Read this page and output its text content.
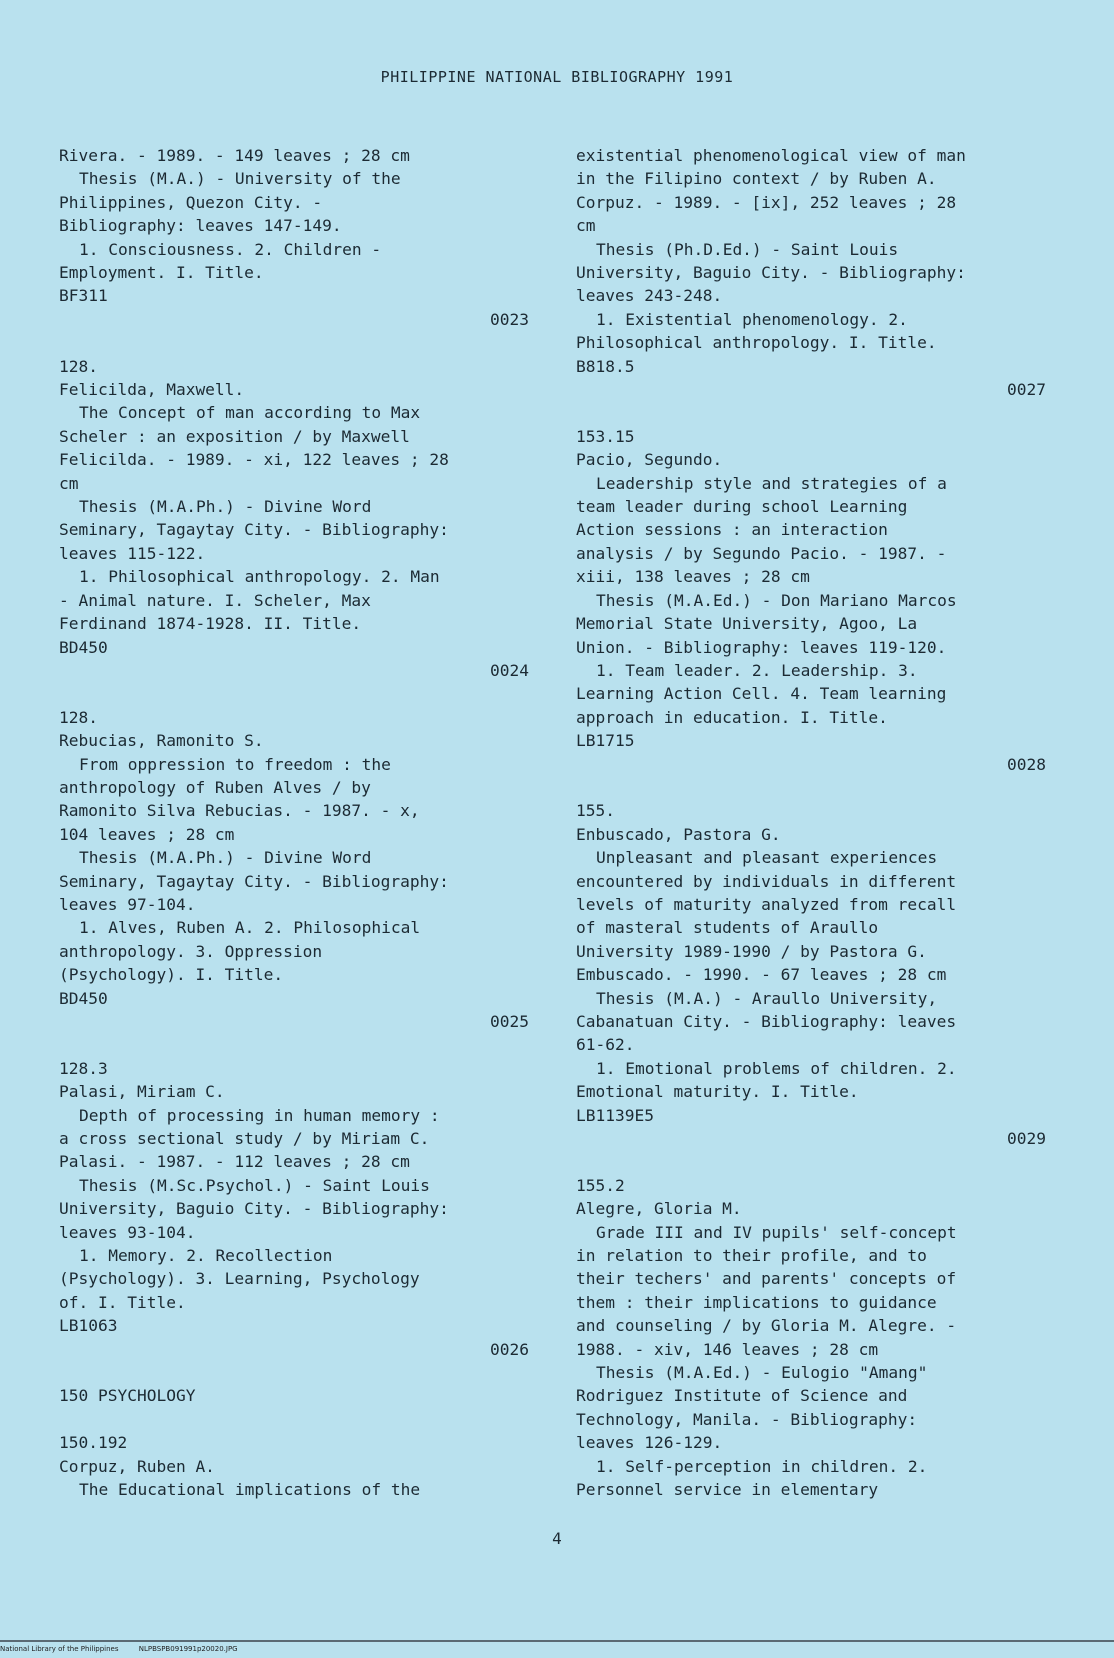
PHILIPPINE NATIONAL BIBLIOGRAPHY 1991

Rivera. - 1989. - 149 leaves ; 28 cm

Thesis (M.A.) - University of the

Philippines, Quezon City. -

Bibliography: leaves 147-149.

1. Consciousness. 2. Children -

Employment. I. Title.

BF311

0023

128.

Felicilda, Maxwell.

The Concept of man according to Max

Scheler : an exposition / by Maxwell

Felicilda. - 1989. - xi, 122 leaves ; 28

cm

Thesis (M.A.Ph.) - Divine Word

Seminary, Tagaytay City. - Bibliography:

leaves 115-122.

1. Philosophical anthropology. 2. Man

- Animal nature. I. Scheler, Max

Ferdinand 1874-1928. II. Title.

BD450

0024

128.

Rebucias, Ramonito S.

From oppression to freedom : the

anthropology of Ruben Alves / by

Ramonito Silva Rebucias. - 1987. - x,

104 leaves ; 28 cm

Thesis (M.A.Ph.) - Divine Word

Seminary, Tagaytay City. - Bibliography:

leaves 97-104.

1. Alves, Ruben A. 2. Philosophical

anthropology. 3. Oppression

(Psychology). I. Title.

BD450

0025

128.3

Palasi, Miriam C.

Depth of processing in human memory :

a cross sectional study / by Miriam C.

Palasi. - 1987. - 112 leaves ; 28 cm

Thesis (M.Sc.Psychol.) - Saint Louis

University, Baguio City. - Bibliography:

leaves 93-104.

1. Memory. 2. Recollection

(Psychology). 3. Learning, Psychology

of. I. Title.

LB1063

0026

150 PSYCHOLOGY

150.192

Corpuz, Ruben A.

The Educational implications of the

existential phenomenological view of man

in the Filipino context / by Ruben A.

Corpuz. - 1989. - [ix], 252 leaves ; 28

cm

Thesis (Ph.D.Ed.) - Saint Louis

University, Baguio City. - Bibliography:

leaves 243-248.

1. Existential phenomenology. 2.

Philosophical anthropology. I. Title.

B818.5

0027

153.15

Pacio, Segundo.

Leadership style and strategies of a

team leader during school Learning

Action sessions : an interaction

analysis / by Segundo Pacio. - 1987. -

xiii, 138 leaves ; 28 cm

Thesis (M.A.Ed.) - Don Mariano Marcos

Memorial State University, Agoo, La

Union. - Bibliography: leaves 119-120.

1. Team leader. 2. Leadership. 3.

Learning Action Cell. 4. Team learning

approach in education. I. Title.

LB1715

0028

155.

Enbuscado, Pastora G.

Unpleasant and pleasant experiences

encountered by individuals in different

levels of maturity analyzed from recall

of masteral students of Araullo

University 1989-1990 / by Pastora G.

Embuscado. - 1990. - 67 leaves ; 28 cm

Thesis (M.A.) - Araullo University,

Cabanatuan City. - Bibliography: leaves

61-62.

1. Emotional problems of children. 2.

Emotional maturity. I. Title.

LB1139E5

0029

155.2

Alegre, Gloria M.

Grade III and IV pupils' self-concept

in relation to their profile, and to

their techers' and parents' concepts of

them : their implications to guidance

and counseling / by Gloria M. Alegre. -

1988. - xiv, 146 leaves ; 28 cm

Thesis (M.A.Ed.) - Eulogio "Amang"

Rodriguez Institute of Science and

Technology, Manila. - Bibliography:

leaves 126-129.

1. Self-perception in children. 2.

Personnel service in elementary

4
National Library of the Philippines	NLPBSPB091991p20020.JPG
